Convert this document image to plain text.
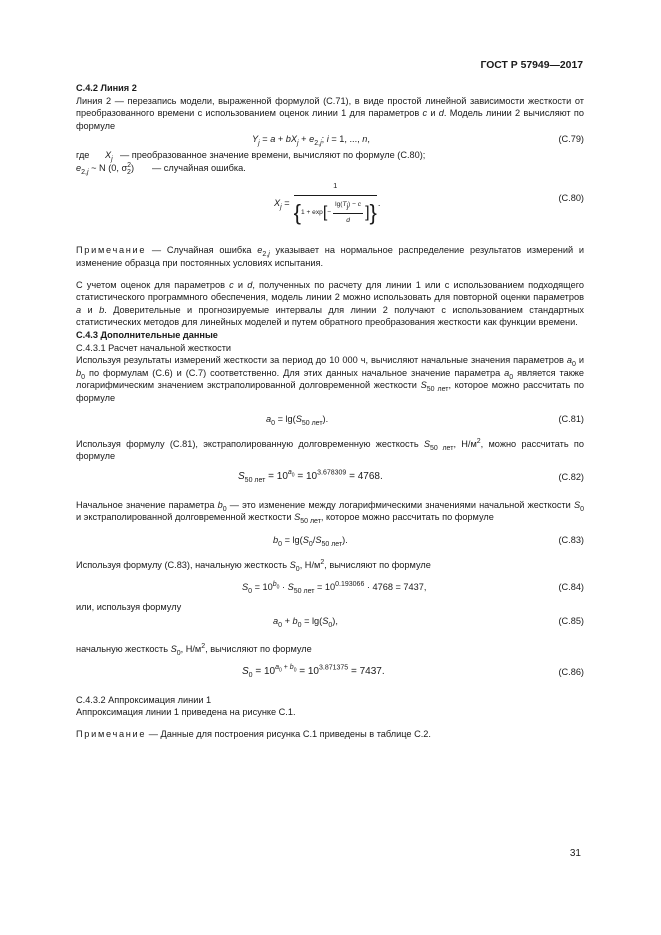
ГОСТ Р 57949—2017

С.4.2 Линия 2

Линия 2 — перезапись модели, выраженной формулой (С.71), в виде простой линейной зависимости жесткости от преобразованного времени с использованием оценок линии 1 для параметров c и d. Модель линии 2 вычисляют по формуле

$Y_j = a + bX_j + e_{2,j}$; i = 1, ..., n,	(С.79)
где $X_j$ — преобразованное значение времени, вычисляют по формуле (С.80);
$e_{2,j}$ ~ N (0, $\sigma^2_2$) — случайная ошибка.
$X_j$ =
1
{ 1 + exp [ − $\frac{\lg(T_j) - c}{d}$ ] } .
(С.80)

Примечание — Случайная ошибка $e_{2,j}$ указывает на нормальное распределение результатов измерений и изменение образца при постоянных условиях испытания.

С учетом оценок для параметров c и d, полученных по расчету для линии 1 или с использованием подходящего статистического программного обеспечения, модель линии 2 можно использовать для повторной оценки параметров a и b. Доверительные и прогнозируемые интервалы для линии 2 получают с использованием стандартных статистических методов для линейных моделей и путем обратного преобразования жесткости как функции времени.

С.4.3 Дополнительные данные

С.4.3.1 Расчет начальной жесткости

Используя результаты измерений жесткости за период до 10 000 ч, вычисляют начальные значения параметров $a_0$ и $b_0$ по формулам (С.6) и (С.7) соответственно. Для этих данных начальное значение параметра $a_0$ является также логарифмическим значением экстраполированной долговременной жесткости $S_{50 лет}$, которое можно рассчитать по формуле

$a_0 = \lg(S_{50 лет})$.	(С.81)

Используя формулу (С.81), экстраполированную долговременную жесткость $S_{50 лет}$, $Н/м^2$, можно рассчитать по формуле

$S_{50 лет} = 10^{a_0} = 10^{3.678309} = 4768$.	(С.82)

Начальное значение параметра $b_0$ — это изменение между логарифмическими значениями начальной жесткости $S_0$ и экстраполированной долговременной жесткости $S_{50 лет}$, которое можно рассчитать по формуле

$b_0 = \lg(S_0/S_{50 лет})$.	(С.83)

Используя формулу (С.83), начальную жесткость $S_0$, $Н/м^2$, вычисляют по формуле

$S_0 = 10^{b_0} \cdot S_{50 лет} = 10^{0.193066} \cdot 4768 = 7437$,	(С.84)

или, используя формулу

$a_0 + b_0 = \lg(S_0)$,	(С.85)

начальную жесткость $S_0$, $Н/м^2$, вычисляют по формуле

$S_0 = 10^{a_0 + b_0} = 10^{3.871375} = 7437$.	(С.86)

С.4.3.2 Аппроксимация линии 1

Аппроксимация линии 1 приведена на рисунке С.1.

Примечание — Данные для построения рисунка С.1 приведены в таблице С.2.

31
